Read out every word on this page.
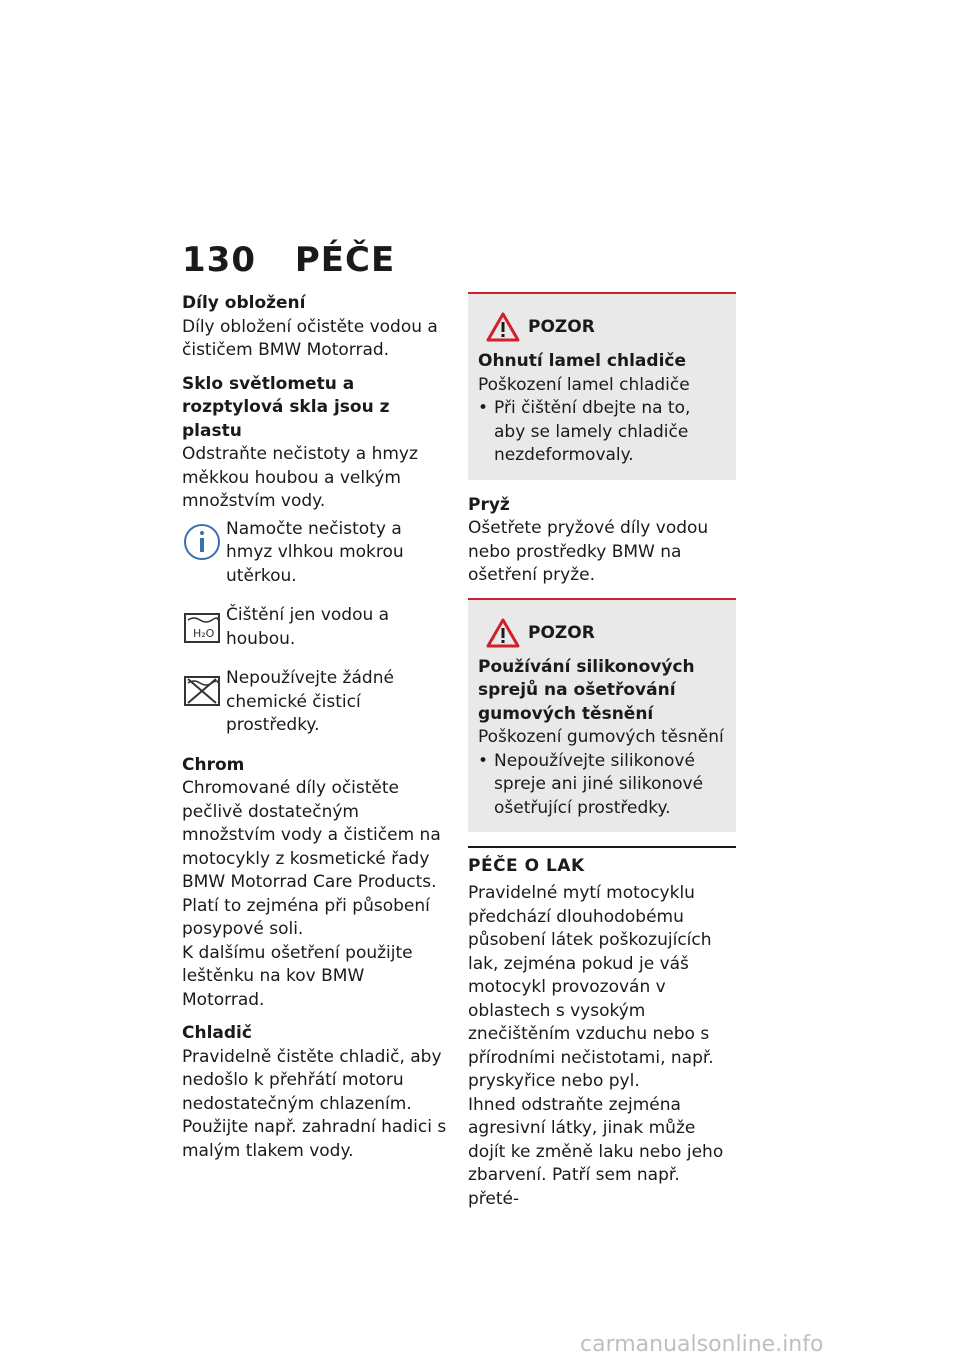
130 PÉČE

Díly obložení

Díly obložení očistěte vodou a čističem BMW Motorrad.

Sklo světlometu a rozptylová skla jsou z plastu

Odstraňte nečistoty a hmyz měkkou houbou a velkým množstvím vody.

Namočte nečistoty a hmyz vlhkou mokrou utěrkou.
H₂O
Čištění jen vodou a houbou.
Nepoužívejte žádné chemické čisticí prostředky.

Chrom

Chromované díly očistěte pečlivě dostatečným množstvím vody a čističem na motocykly z kosmetické řady BMW Motorrad Care Products. Platí to zejména při působení posypové soli.

K dalšímu ošetření použijte leštěnku na kov BMW Motorrad.

Chladič

Pravidelně čistěte chladič, aby nedošlo k přehřátí motoru nedostatečným chlazením.

Použijte např. zahradní hadici s malým tlakem vody.

POZOR

Ohnutí lamel chladiče

Poškození lamel chladiče
• Při čištění dbejte na to, aby se lamely chladiče nezdeformovaly.

Pryž

Ošetřete pryžové díly vodou nebo prostředky BMW na ošetření pryže.

POZOR

Používání silikonových sprejů na ošetřování gumových těsnění

Poškození gumových těsnění
• Nepoužívejte silikonové spreje ani jiné silikonové ošetřující prostředky.

PÉČE O LAK

Pravidelné mytí motocyklu předchází dlouhodobému působení látek poškozujících lak, zejména pokud je váš motocykl provozován v oblastech s vysokým znečištěním vzduchu nebo s přírodními nečistotami, např. pryskyřice nebo pyl.

Ihned odstraňte zejména agresivní látky, jinak může dojít ke změně laku nebo jeho zbarvení. Patří sem např. přeté-

carmanualsonline.info
